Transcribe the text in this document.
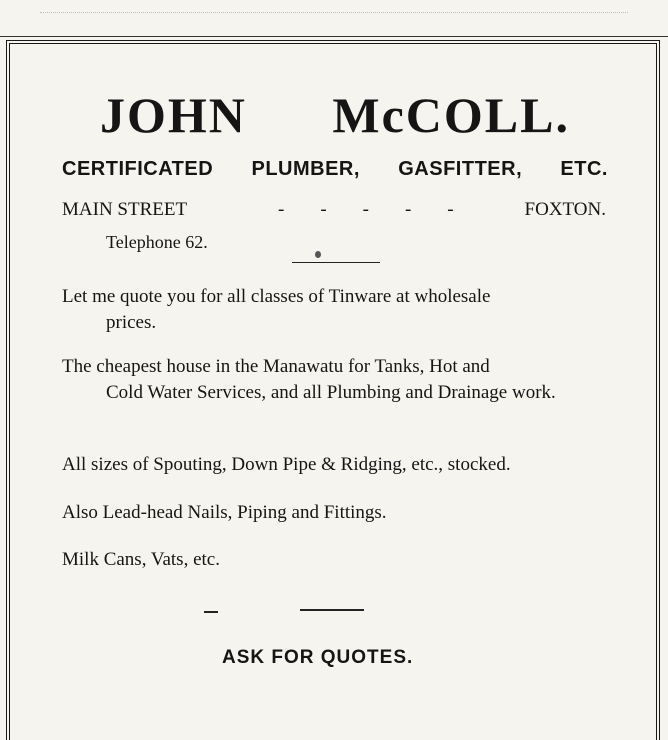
JOHN McCOLL.
CERTIFICATED PLUMBER, GASFITTER, ETC.
MAIN STREET	- - - - -	FOXTON.
Telephone 62.
Let me quote you for all classes of Tinware at wholesale
prices.
The cheapest house in the Manawatu for Tanks, Hot and
Cold Water Services, and all Plumbing and Drainage work.
All sizes of Spouting, Down Pipe & Ridging, etc., stocked.
Also Lead-head Nails, Piping and Fittings.
Milk Cans, Vats, etc.
ASK FOR QUOTES.
